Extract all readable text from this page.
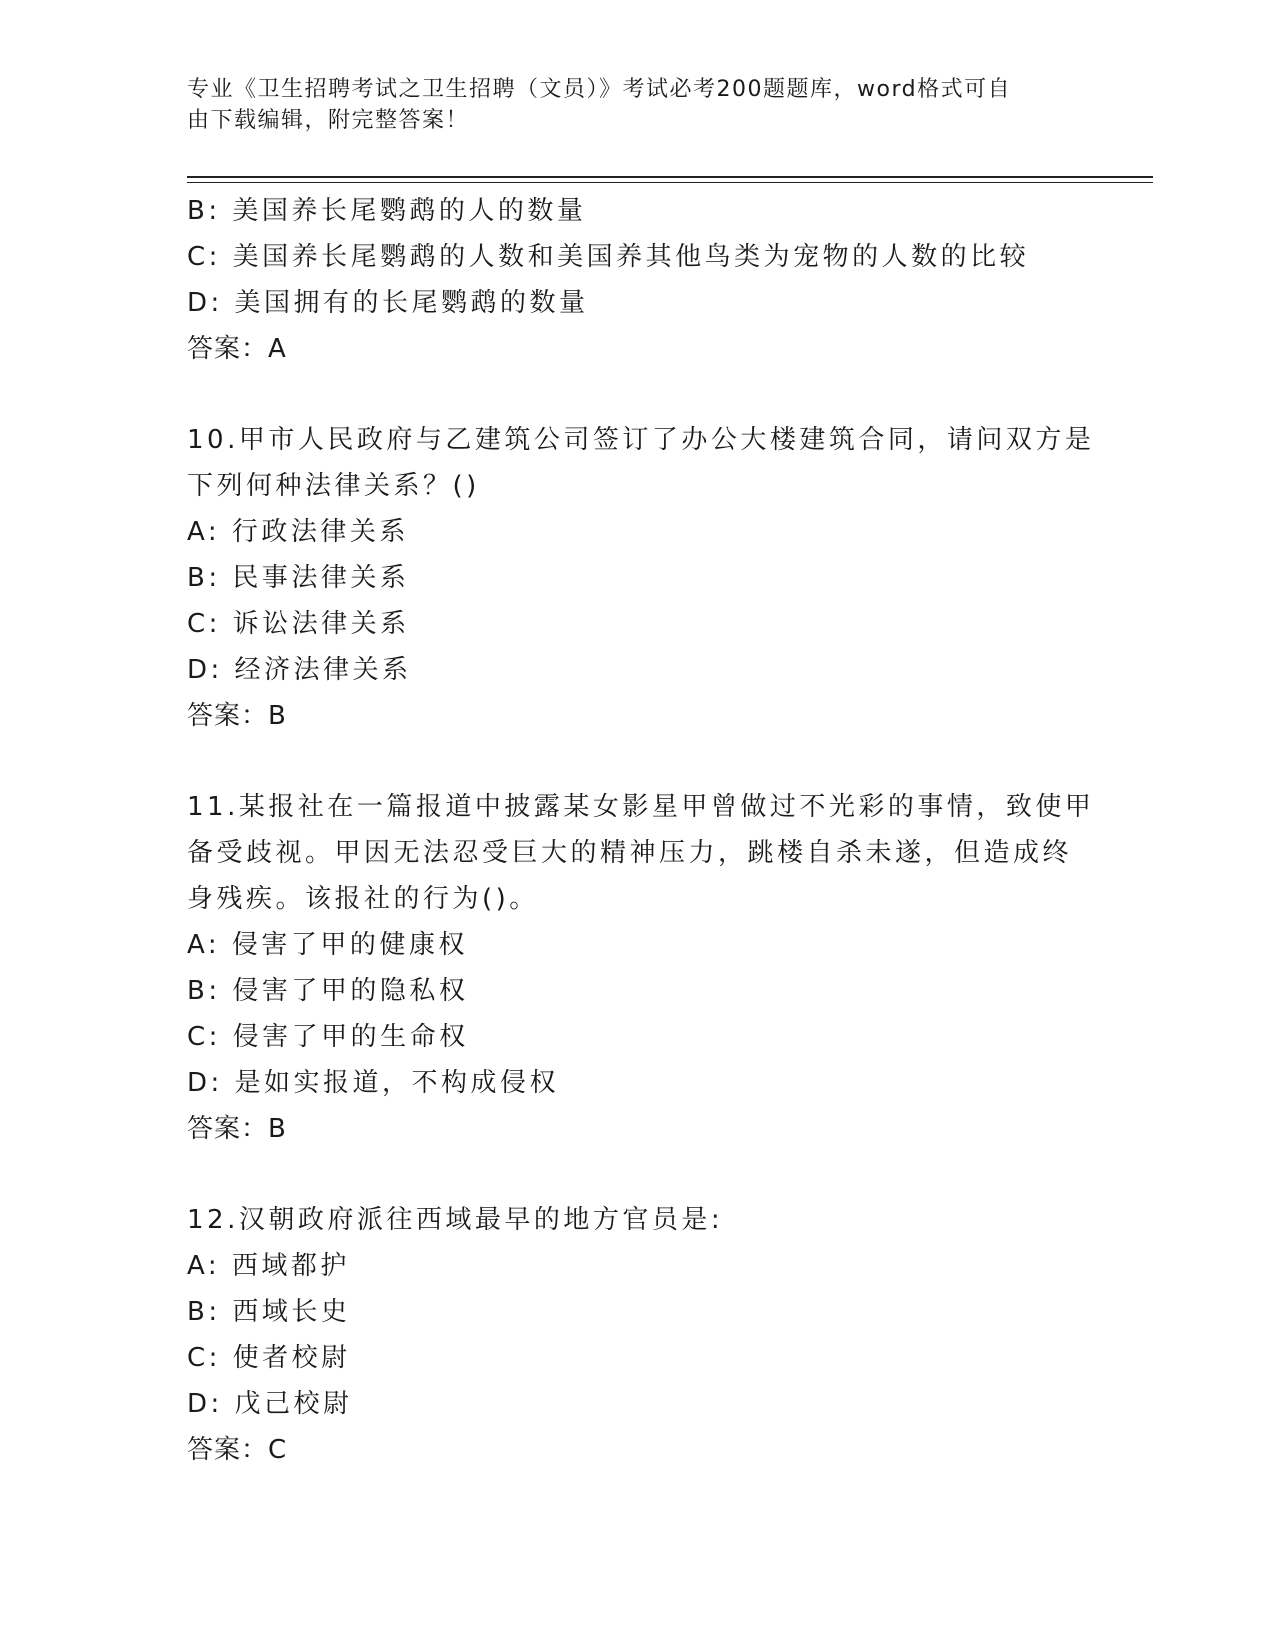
专业《卫生招聘考试之卫生招聘（文员）》考试必考200题题库，word格式可自
由下载编辑，附完整答案！
B: 美国养长尾鹦鹉的人的数量
C: 美国养长尾鹦鹉的人数和美国养其他鸟类为宠物的人数的比较
D: 美国拥有的长尾鹦鹉的数量
答案：A
10.甲市人民政府与乙建筑公司签订了办公大楼建筑合同，请问双方是
下列何种法律关系？()
A: 行政法律关系
B: 民事法律关系
C: 诉讼法律关系
D: 经济法律关系
答案：B
11.某报社在一篇报道中披露某女影星甲曾做过不光彩的事情，致使甲
备受歧视。甲因无法忍受巨大的精神压力，跳楼自杀未遂，但造成终
身残疾。该报社的行为()。
A: 侵害了甲的健康权
B: 侵害了甲的隐私权
C: 侵害了甲的生命权
D: 是如实报道，不构成侵权
答案：B
12.汉朝政府派往西域最早的地方官员是:
A: 西域都护
B: 西域长史
C: 使者校尉
D: 戊己校尉
答案：C
